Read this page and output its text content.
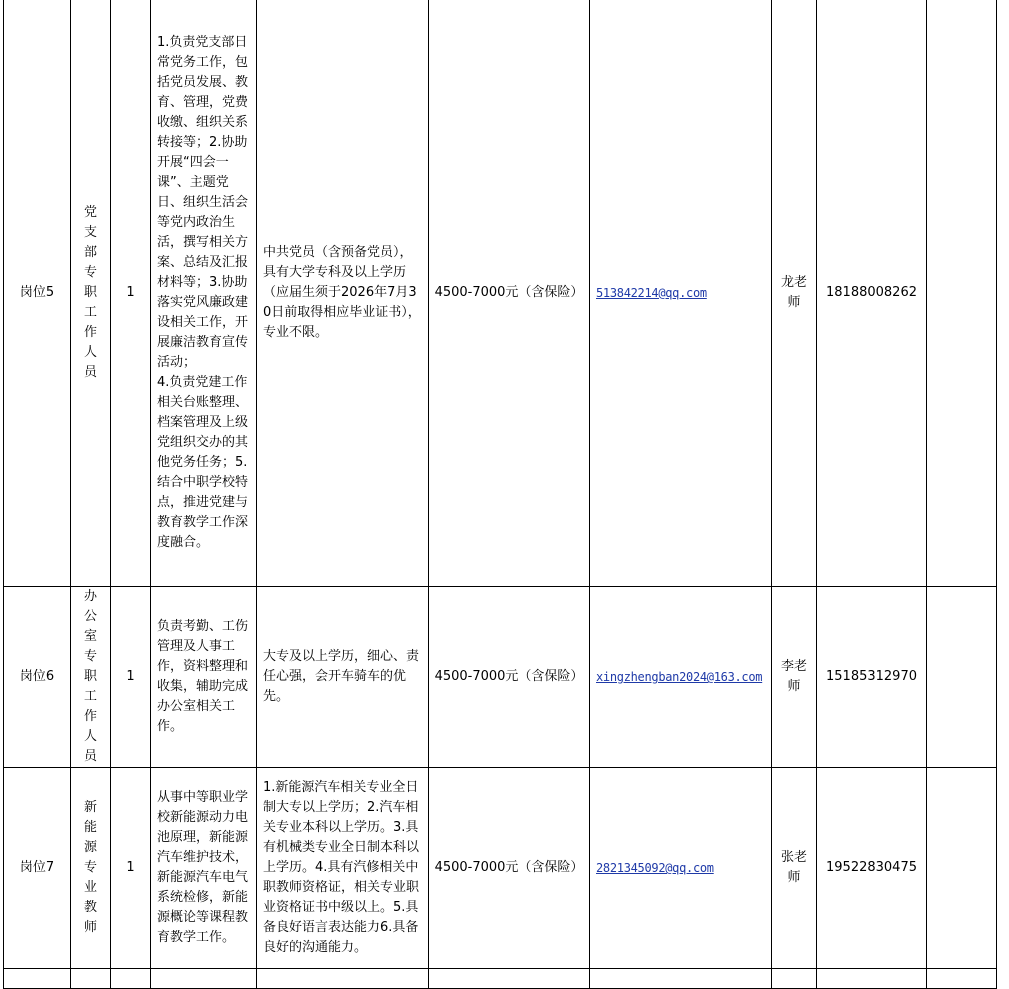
岗位5	党支部专职工作人员	1	1.负责党支部日常党务工作，包括党员发展、教育、管理，党费收缴、组织关系转接等；2.协助开展“四会一课”、主题党日、组织生活会等党内政治生活，撰写相关方案、总结及汇报材料等；3.协助落实党风廉政建设相关工作，开展廉洁教育宣传活动；
4.负责党建工作相关台账整理、档案管理及上级党组织交办的其他党务任务；5.结合中职学校特点，推进党建与教育教学工作深度融合。	中共党员（含预备党员），
具有大学专科及以上学历（应届生须于2026年7月30日前取得相应毕业证书），专业不限。	4500-7000元（含保险）	513842214@qq.com	龙老师	18188008262	
岗位6	办公室专职工作人员	1	负责考勤、工伤管理及人事工作，资料整理和收集，辅助完成办公室相关工作。	大专及以上学历，细心、责任心强，会开车骑车的优先。	4500-7000元（含保险）	xingzhengban2024@163.com	李老师	15185312970	
岗位7	新能源专业教师	1	从事中等职业学校新能源动力电池原理，新能源汽车维护技术，新能源汽车电气系统检修，新能源概论等课程教育教学工作。	1.新能源汽车相关专业全日制大专以上学历；2.汽车相关专业本科以上学历。3.具有机械类专业全日制本科以上学历。4.具有汽修相关中职教师资格证，相关专业职业资格证书中级以上。5.具备良好语言表达能力6.具备良好的沟通能力。	4500-7000元（含保险）	2821345092@qq.com	张老师	19522830475	
